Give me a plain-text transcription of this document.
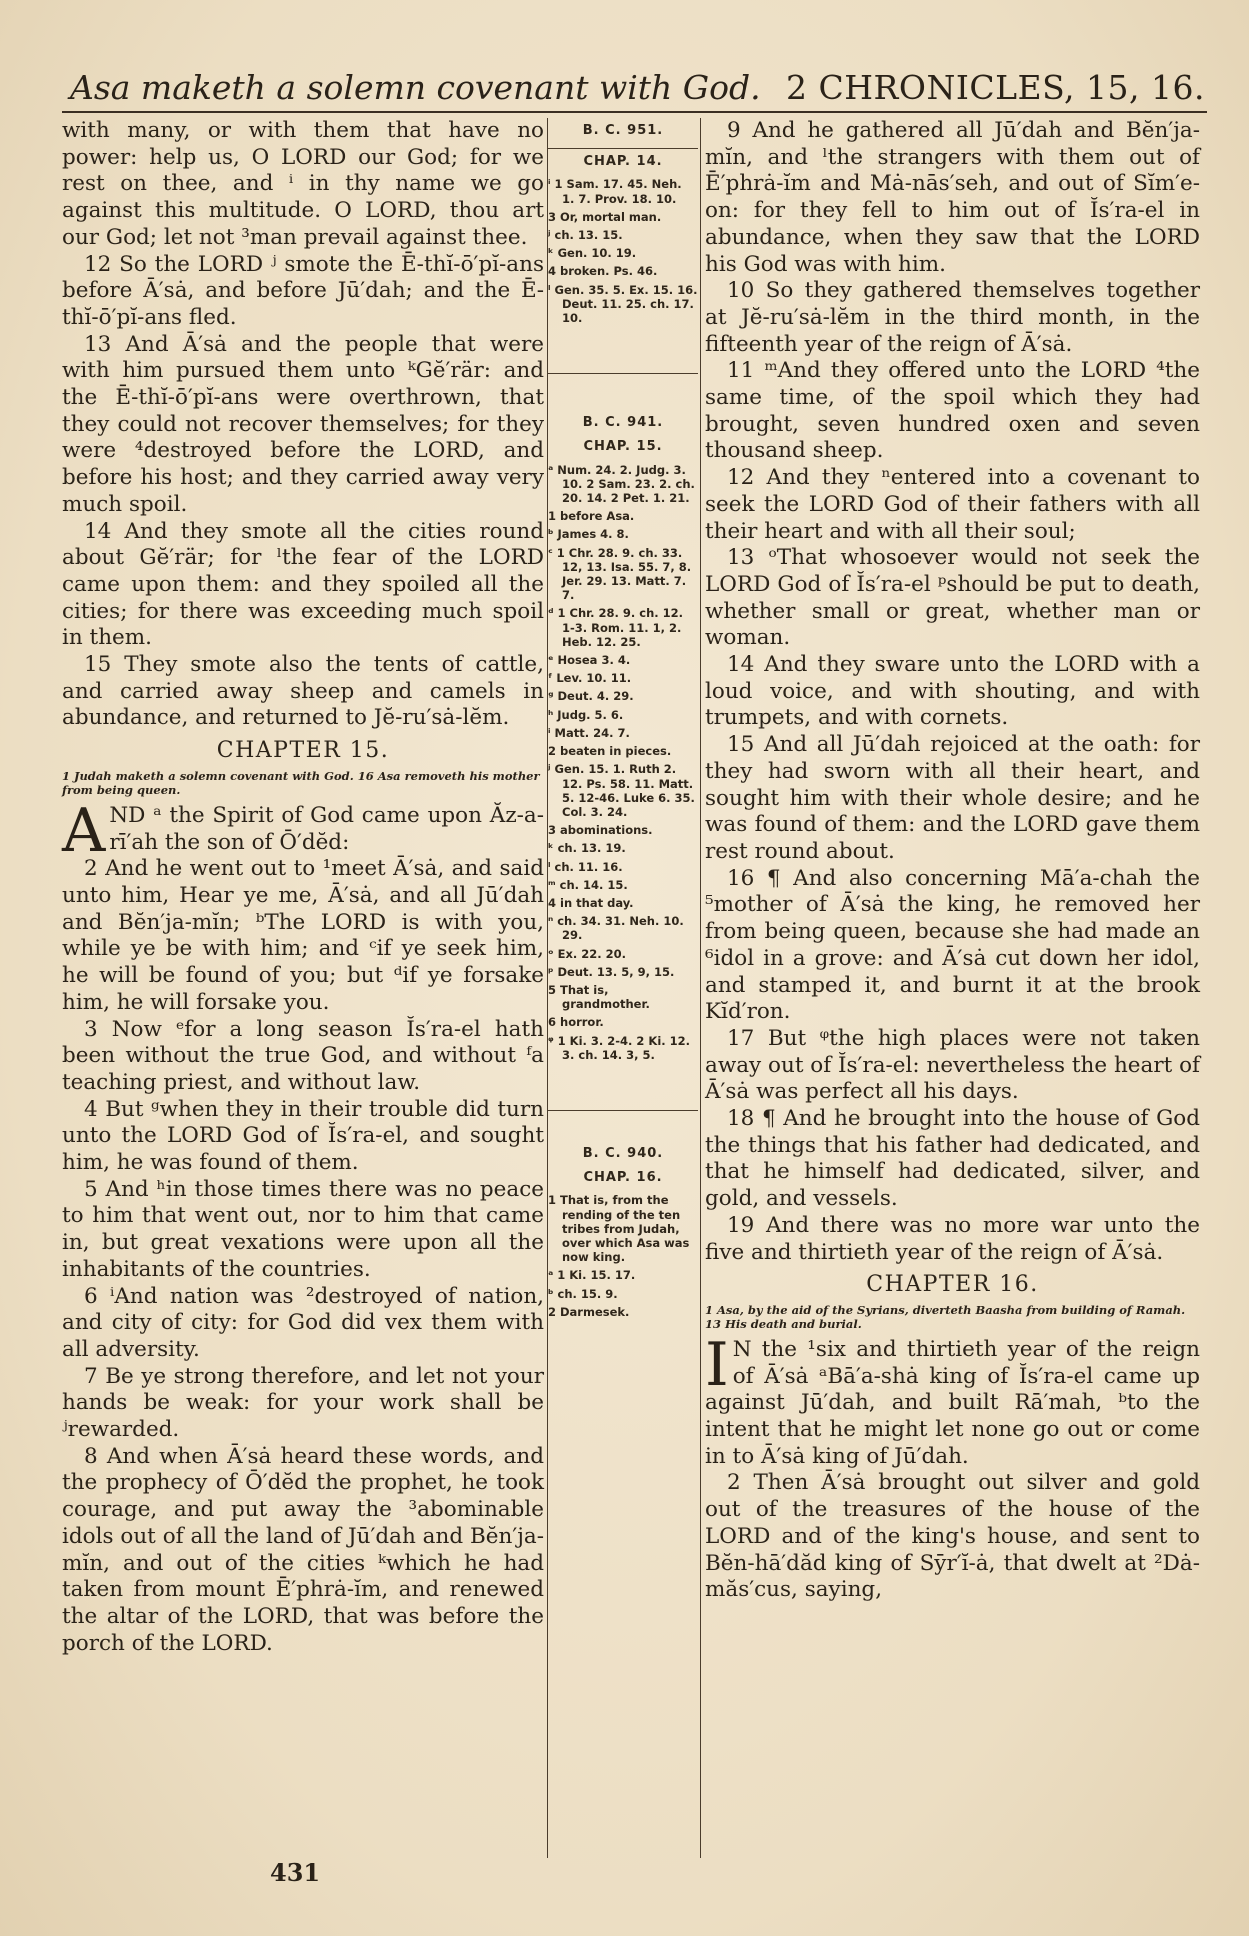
Asa maketh a solemn covenant with God. 2 CHRONICLES, 15, 16.

with many, or with them that have no power: help us, O LORD our God; for we rest on thee, and ⁱ in thy name we go against this multitude. O LORD, thou art our God; let not ³man prevail against thee.

12 So the LORD ʲ smote the Ē-thĭ-ō′pĭ-ans before Ā′sȧ, and before Jū′dah; and the Ē-thĭ-ō′pĭ-ans fled.

13 And Ā′sȧ and the people that were with him pursued them unto ᵏGĕ′rär: and the Ē-thĭ-ō′pĭ-ans were overthrown, that they could not recover themselves; for they were ⁴destroyed before the LORD, and before his host; and they carried away very much spoil.

14 And they smote all the cities round about Gĕ′rär; for ˡthe fear of the LORD came upon them: and they spoiled all the cities; for there was exceeding much spoil in them.

15 They smote also the tents of cattle, and carried away sheep and camels in abundance, and returned to Jĕ-ru′sȧ-lĕm.

CHAPTER 15.
1 Judah maketh a solemn covenant with God. 16 Asa removeth his mother from being queen.

AND ᵃ the Spirit of God came upon Ăz-a-rī′ah the son of Ō′dĕd:

2 And he went out to ¹meet Ā′sȧ, and said unto him, Hear ye me, Ā′sȧ, and all Jū′dah and Bĕn′ja-mĭn; ᵇThe LORD is with you, while ye be with him; and ᶜif ye seek him, he will be found of you; but ᵈif ye forsake him, he will forsake you.

3 Now ᵉfor a long season Ĭs′ra-el hath been without the true God, and without ᶠa teaching priest, and without law.

4 But ᵍwhen they in their trouble did turn unto the LORD God of Ĭs′ra-el, and sought him, he was found of them.

5 And ʰin those times there was no peace to him that went out, nor to him that came in, but great vexations were upon all the inhabitants of the countries.

6 ⁱAnd nation was ²destroyed of nation, and city of city: for God did vex them with all adversity.

7 Be ye strong therefore, and let not your hands be weak: for your work shall be ʲrewarded.

8 And when Ā′sȧ heard these words, and the prophecy of Ō′dĕd the prophet, he took courage, and put away the ³abominable idols out of all the land of Jū′dah and Bĕn′ja-mĭn, and out of the cities ᵏwhich he had taken from mount Ē′phrȧ-ĭm, and renewed the altar of the LORD, that was before the porch of the LORD.

B. C. 951.
CHAP. 14.
ⁱ 1 Sam. 17. 45. Neh. 1. 7. Prov. 18. 10.
3 Or, mortal man.
ʲ ch. 13. 15.
ᵏ Gen. 10. 19.
4 broken. Ps. 46.
ˡ Gen. 35. 5. Ex. 15. 16. Deut. 11. 25. ch. 17. 10.
B. C. 941.
CHAP. 15.
ᵃ Num. 24. 2. Judg. 3. 10. 2 Sam. 23. 2. ch. 20. 14. 2 Pet. 1. 21.
1 before Asa.
ᵇ James 4. 8.
ᶜ 1 Chr. 28. 9. ch. 33. 12, 13. Isa. 55. 7, 8. Jer. 29. 13. Matt. 7. 7.
ᵈ 1 Chr. 28. 9. ch. 12. 1-3. Rom. 11. 1, 2. Heb. 12. 25.
ᵉ Hosea 3. 4.
ᶠ Lev. 10. 11.
ᵍ Deut. 4. 29.
ʰ Judg. 5. 6.
ⁱ Matt. 24. 7.
2 beaten in pieces.
ʲ Gen. 15. 1. Ruth 2. 12. Ps. 58. 11. Matt. 5. 12-46. Luke 6. 35. Col. 3. 24.
3 abominations.
ᵏ ch. 13. 19.
ˡ ch. 11. 16.
ᵐ ch. 14. 15.
4 in that day.
ⁿ ch. 34. 31. Neh. 10. 29.
ᵒ Ex. 22. 20.
ᵖ Deut. 13. 5, 9, 15.
5 That is, grandmother.
6 horror.
ᵠ 1 Ki. 3. 2-4. 2 Ki. 12. 3. ch. 14. 3, 5.
B. C. 940.
CHAP. 16.
1 That is, from the rending of the ten tribes from Judah, over which Asa was now king.
ᵃ 1 Ki. 15. 17.
ᵇ ch. 15. 9.
2 Darmesek.

9 And he gathered all Jū′dah and Bĕn′ja-mĭn, and ˡthe strangers with them out of Ē′phrȧ-ĭm and Mȧ-nās′seh, and out of Sĭm′e-on: for they fell to him out of Ĭs′ra-el in abundance, when they saw that the LORD his God was with him.

10 So they gathered themselves together at Jĕ-ru′sȧ-lĕm in the third month, in the fifteenth year of the reign of Ā′sȧ.

11 ᵐAnd they offered unto the LORD ⁴the same time, of the spoil which they had brought, seven hundred oxen and seven thousand sheep.

12 And they ⁿentered into a covenant to seek the LORD God of their fathers with all their heart and with all their soul;

13 ᵒThat whosoever would not seek the LORD God of Ĭs′ra-el ᵖshould be put to death, whether small or great, whether man or woman.

14 And they sware unto the LORD with a loud voice, and with shouting, and with trumpets, and with cornets.

15 And all Jū′dah rejoiced at the oath: for they had sworn with all their heart, and sought him with their whole desire; and he was found of them: and the LORD gave them rest round about.

16 ¶ And also concerning Mā′a-chah the ⁵mother of Ā′sȧ the king, he removed her from being queen, because she had made an ⁶idol in a grove: and Ā′sȧ cut down her idol, and stamped it, and burnt it at the brook Kĭd′ron.

17 But ᵠthe high places were not taken away out of Ĭs′ra-el: nevertheless the heart of Ā′sȧ was perfect all his days.

18 ¶ And he brought into the house of God the things that his father had dedicated, and that he himself had dedicated, silver, and gold, and vessels.

19 And there was no more war unto the five and thirtieth year of the reign of Ā′sȧ.

CHAPTER 16.
1 Asa, by the aid of the Syrians, diverteth Baasha from building of Ramah. 13 His death and burial.

I N the ¹six and thirtieth year of the reign of Ā′sȧ ᵃBā′a-shȧ king of Ĭs′ra-el came up against Jū′dah, and built Rā′mah, ᵇto the intent that he might let none go out or come in to Ā′sȧ king of Jū′dah.

2 Then Ā′sȧ brought out silver and gold out of the treasures of the house of the LORD and of the king's house, and sent to Bĕn-hā′dăd king of Sȳr′ĭ-ȧ, that dwelt at ²Dȧ-măs′cus, saying,

431
